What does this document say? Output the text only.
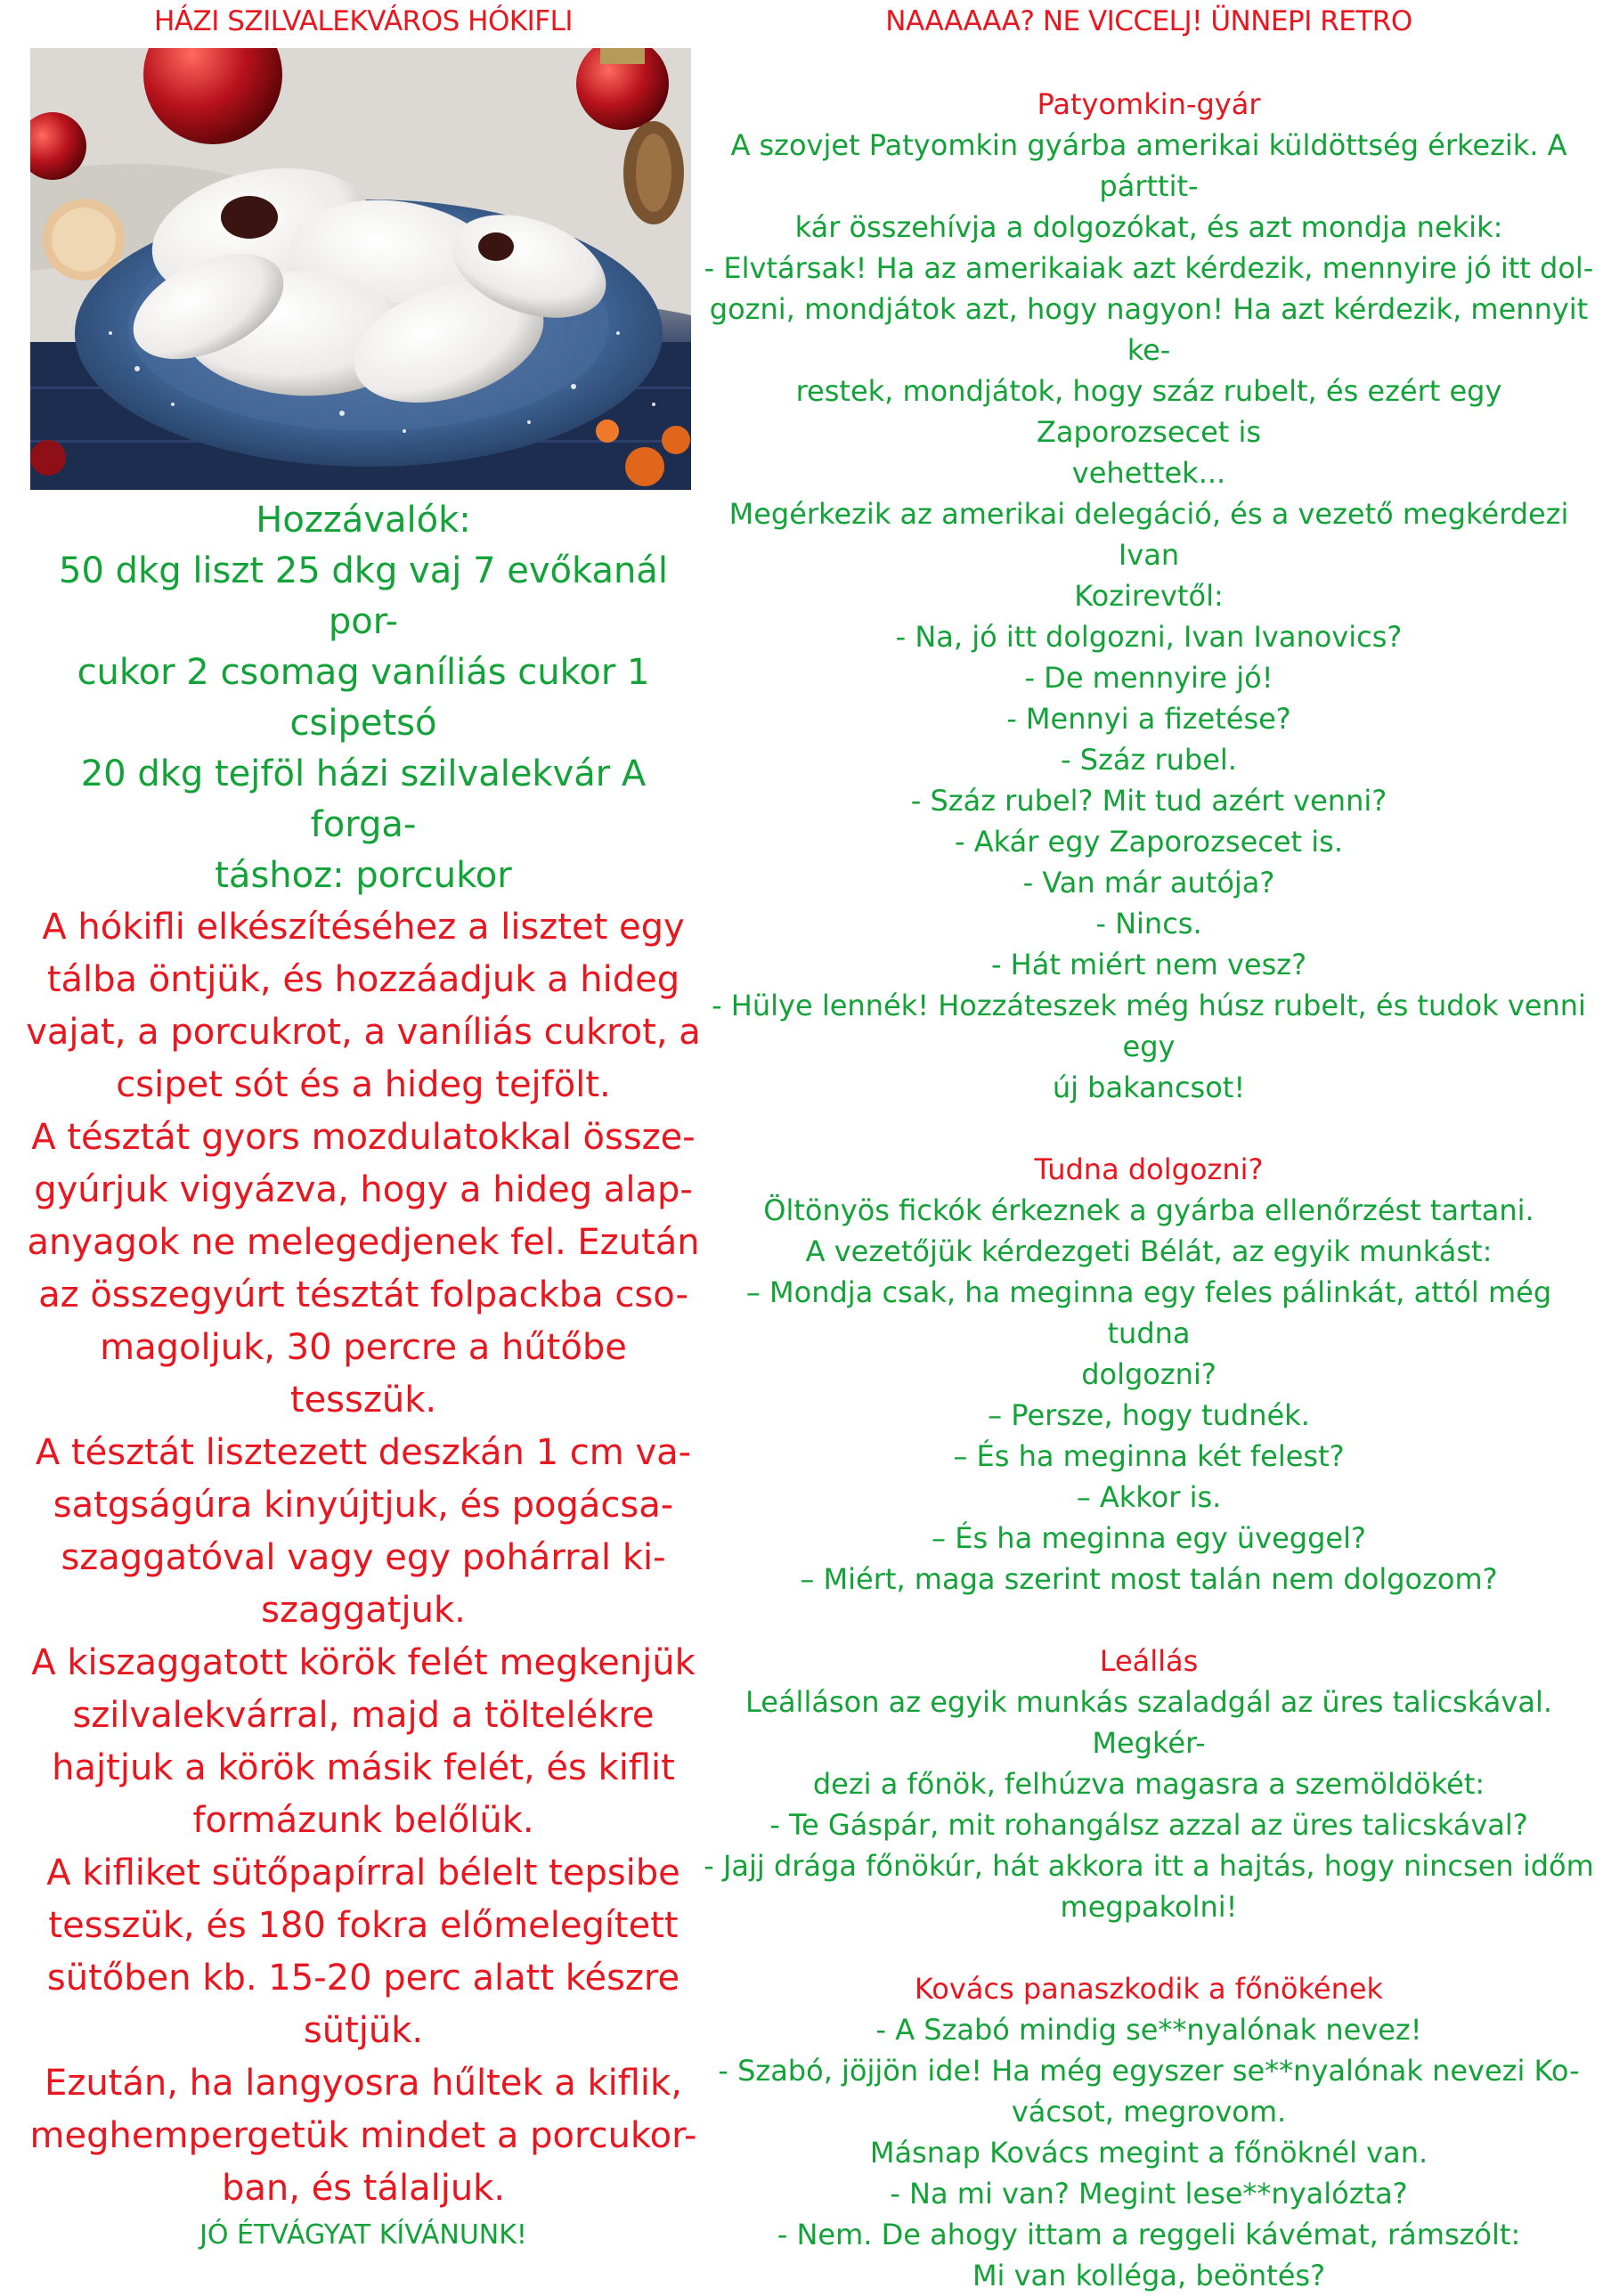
HÁZI SZILVALEKVÁROS HÓKIFLI
Hozzávalók:
50 dkg liszt 25 dkg vaj 7 evőkanál por-
cukor 2 csomag vaníliás cukor 1 csipetsó
20 dkg tejföl házi szilvalekvár A forga-
táshoz: porcukor
A hókifli elkészítéséhez a lisztet egy
tálba öntjük, és hozzáadjuk a hideg
vajat, a porcukrot, a vaníliás cukrot, a
csipet sót és a hideg tejfölt.
A tésztát gyors mozdulatokkal össze-
gyúrjuk vigyázva, hogy a hideg alap-
anyagok ne melegedjenek fel. Ezután
az összegyúrt tésztát folpackba cso-
magoljuk, 30 percre a hűtőbe tesszük.
A tésztát lisztezett deszkán 1 cm va-
satgságúra kinyújtjuk, és pogácsa-
szaggatóval vagy egy pohárral ki-
szaggatjuk.
A kiszaggatott körök felét megkenjük
szilvalekvárral, majd a töltelékre
hajtjuk a körök másik felét, és kiflit
formázunk belőlük.
A kifliket sütőpapírral bélelt tepsibe
tesszük, és 180 fokra előmelegített
sütőben kb. 15-20 perc alatt készre
sütjük.
Ezután, ha langyosra hűltek a kiflik,
meghempergetük mindet a porcukor-
ban, és tálaljuk.
JÓ ÉTVÁGYAT KÍVÁNUNK!
NAAAAAA? NE VICCELJ! ÜNNEPI RETRO
Patyomkin-gyár
A szovjet Patyomkin gyárba amerikai küldöttség érkezik. A párttit-
kár összehívja a dolgozókat, és azt mondja nekik:
- Elvtársak! Ha az amerikaiak azt kérdezik, mennyire jó itt dol-
gozni, mondjátok azt, hogy nagyon! Ha azt kérdezik, mennyit ke-
restek, mondjátok, hogy száz rubelt, és ezért egy Zaporozsecet is
vehettek...
Megérkezik az amerikai delegáció, és a vezető megkérdezi Ivan
Kozirevtől:
- Na, jó itt dolgozni, Ivan Ivanovics?
- De mennyire jó!
- Mennyi a fizetése?
- Száz rubel.
- Száz rubel? Mit tud azért venni?
- Akár egy Zaporozsecet is.
- Van már autója?
- Nincs.
- Hát miért nem vesz?
- Hülye lennék! Hozzáteszek még húsz rubelt, és tudok venni egy
új bakancsot!
Tudna dolgozni?
Öltönyös fickók érkeznek a gyárba ellenőrzést tartani.
A vezetőjük kérdezgeti Bélát, az egyik munkást:
– Mondja csak, ha meginna egy feles pálinkát, attól még tudna
dolgozni?
– Persze, hogy tudnék.
– És ha meginna két felest?
– Akkor is.
– És ha meginna egy üveggel?
– Miért, maga szerint most talán nem dolgozom?
Leállás
Leálláson az egyik munkás szaladgál az üres talicskával. Megkér-
dezi a főnök, felhúzva magasra a szemöldökét:
- Te Gáspár, mit rohangálsz azzal az üres talicskával?
- Jajj drága főnökúr, hát akkora itt a hajtás, hogy nincsen időm
megpakolni!
Kovács panaszkodik a főnökének
- A Szabó mindig se**nyalónak nevez!
- Szabó, jöjjön ide! Ha még egyszer se**nyalónak nevezi Ko-
vácsot, megrovom.
Másnap Kovács megint a főnöknél van.
- Na mi van? Megint lese**nyalózta?
- Nem. De ahogy ittam a reggeli kávémat, rámszólt:
Mi van kolléga, beöntés?
